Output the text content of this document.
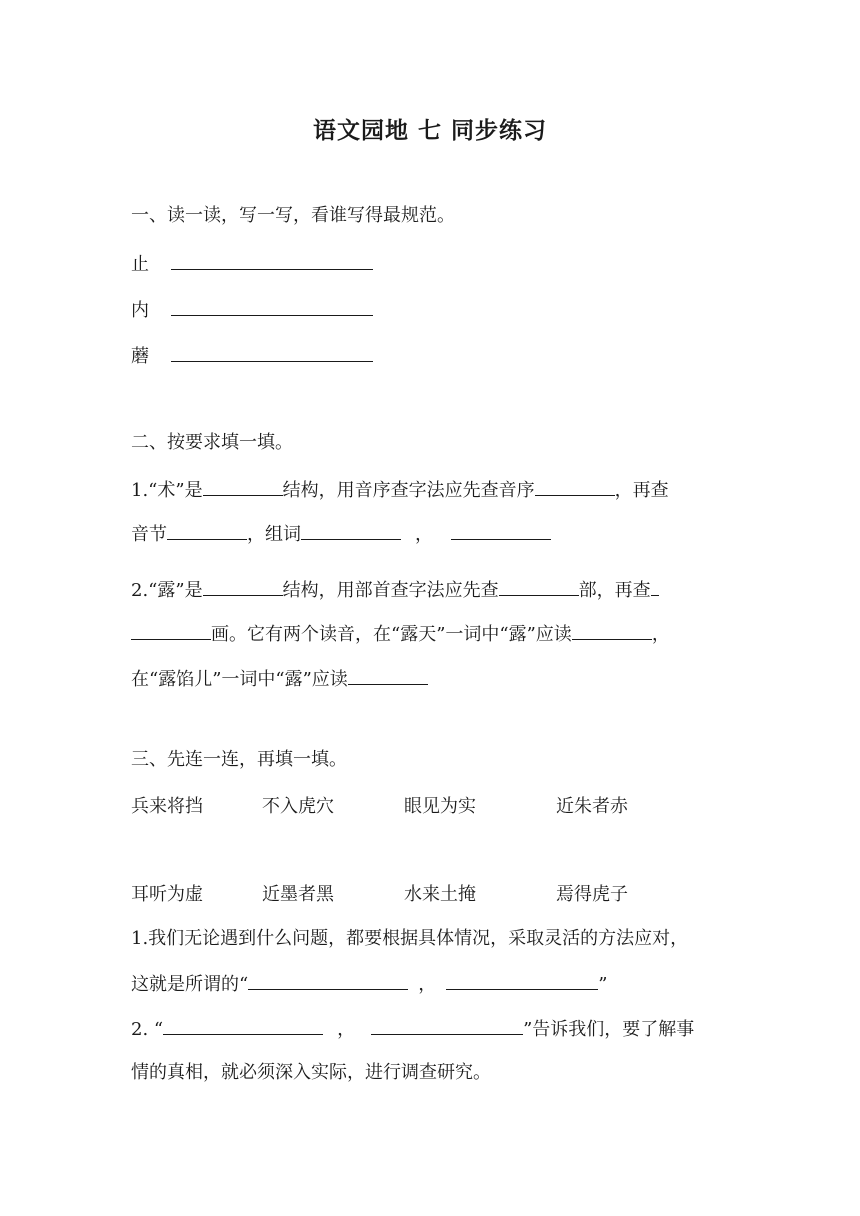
语文园地 七 同步练习
一、读一读，写一写，看谁写得最规范。
止
内
蘑
二、按要求填一填。
1.“术”是	结构，用音序查字法应先查音序	，再查
音节	，组词	，
2.“露”是	结构，用部首查字法应先查	部，再查
画。它有两个读音，在“露天”一词中“露”应读	，
在“露馅儿”一词中“露”应读
三、先连一连，再填一填。
兵来将挡	不入虎穴	眼见为实	近朱者赤
耳听为虚	近墨者黑	水来土掩	焉得虎子
1.我们无论遇到什么问题，都要根据具体情况，采取灵活的方法应对，
这就是所谓的“	，	”
2. “	，	”告诉我们，要了解事
情的真相，就必须深入实际，进行调查研究。
